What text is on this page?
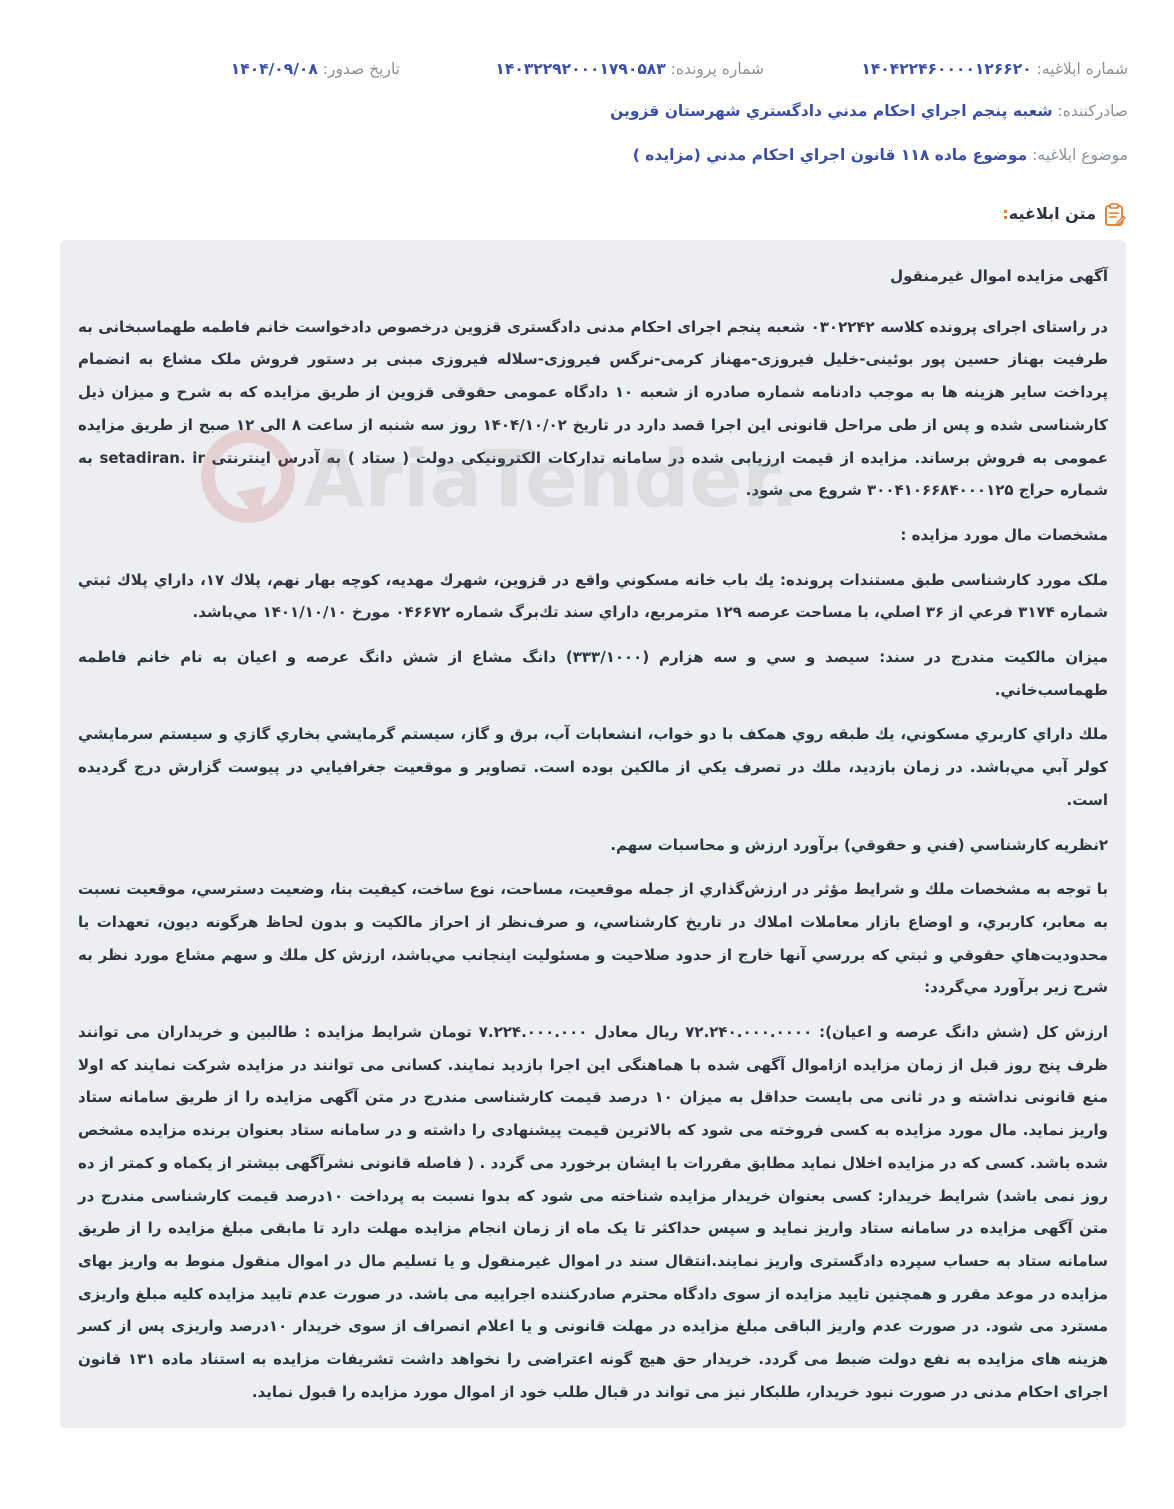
شماره ابلاغيه: ۱۴۰۴۲۲۴۶۰۰۰۰۱۲۶۶۲۰
شماره پرونده: ۱۴۰۳۲۲۹۲۰۰۰۱۷۹۰۵۸۳
تاريخ صدور: ۱۴۰۴/۰۹/۰۸
صادرکننده: شعبه پنجم اجراي احکام مدني دادگستري شهرستان قزوين
موضوع ابلاغيه: موضوع ماده ۱۱۸ قانون اجراي احکام مدني (مزايده )
متن ابلاغيه:

آگهی مزایده اموال غیرمنقول

در راستای اجرای پرونده کلاسه ۰۳۰۲۲۴۲ شعبه پنجم اجرای احکام مدنی دادگستری قزوین درخصوص دادخواست خانم فاطمه طهماسبخانی به طرفیت بهناز حسین پور بوئینی-خلیل فیروزی-مهناز کرمی-نرگس فیروزی-سلاله فیروزی مبنی بر دستور فروش ملک مشاع به انضمام پرداخت سایر هزینه ها به موجب دادنامه شماره صادره از شعبه ۱۰ دادگاه عمومی حقوقی قزوین از طریق مزایده که به شرح و میزان ذیل کارشناسی شده و پس از طی مراحل قانونی این اجرا قصد دارد در تاریخ ۱۴۰۴/۱۰/۰۲ روز سه شنبه از ساعت ۸ الی ۱۲ صبح از طریق مزایده عمومی به فروش برساند. مزایده از قیمت ارزیابی شده در سامانه تدارکات الکترونیکی دولت ( ستاد ) به آدرس اینترنتی setadiran. ir به شماره حراج ۳۰۰۴۱۰۶۶۸۴۰۰۰۱۲۵ شروع می شود.

مشخصات مال مورد مزایده :

ملک مورد کارشناسی طبق مستندات پرونده: يك باب خانه مسكوني واقع در قزوين، شهرك مهديه، كوچه بهار نهم، پلاك ۱۷، داراي پلاك ثبتي شماره ۳۱۷۴ فرعي از ۳۶ اصلي، با مساحت عرصه ۱۲۹ مترمربع، داراي سند تك‌برگ شماره ۰۴۶۶۷۲ مورخ ۱۴۰۱/۱۰/۱۰ مي‌باشد.

ميزان مالكيت مندرج در سند: سيصد و سي و سه هزارم (۳۳۳/۱۰۰۰) دانگ مشاع از شش دانگ عرصه و اعيان به نام خانم فاطمه طهماسب‌خاني.

ملك داراي كاربري مسكوني، يك طبقه روي همكف با دو خواب، انشعابات آب، برق و گاز، سيستم گرمايشي بخاري گازي و سيستم سرمايشي كولر آبي مي‌باشد. در زمان بازديد، ملك در تصرف يكي از مالكين بوده است. تصاوير و موقعيت جغرافيايي در پيوست گزارش درج گرديده است.

۲نظريه كارشناسي (فني و حقوقي) برآورد ارزش و محاسبات سهم.

با توجه به مشخصات ملك و شرايط مؤثر در ارزش‌گذاري از جمله موقعيت، مساحت، نوع ساخت، كيفيت بنا، وضعيت دسترسي، موقعيت نسبت به معابر، كاربري، و اوضاع بازار معاملات املاك در تاريخ كارشناسي، و صرف‌نظر از احراز مالكيت و بدون لحاظ هرگونه ديون، تعهدات يا محدوديت‌هاي حقوقي و ثبتي كه بررسي آنها خارج از حدود صلاحيت و مسئوليت اينجانب مي‌باشد، ارزش كل ملك و سهم مشاع مورد نظر به شرح زير برآورد مي‌گردد:

ارزش كل (شش دانگ عرصه و اعيان): ۷۲.۲۴۰.۰۰۰.۰۰۰۰ ريال معادل ۷.۲۲۴.۰۰۰.۰۰۰ تومان شرایط مزایده : طالبین و خریداران می توانند ظرف پنج روز قبل از زمان مزایده ازاموال آگهی شده با هماهنگی این اجرا بازدید نمایند. کسانی می توانند در مزایده شرکت نمایند که اولا منع قانونی نداشته و در ثانی می بایست حداقل به میزان ۱۰ درصد قیمت کارشناسی مندرج در متن آگهی مزایده را از طریق سامانه ستاد واریز نماید. مال مورد مزایده به کسی فروخته می شود که بالاترین قیمت پیشنهادی را داشته و در سامانه ستاد بعنوان برنده مزایده مشخص شده باشد. کسی که در مزایده اخلال نماید مطابق مقررات با ایشان برخورد می گردد . ( فاصله قانونی نشرآگهی بیشتر از یکماه و کمتر از ده روز نمی باشد) شرایط خریدار: کسی بعنوان خریدار مزایده شناخته می شود که بدوا نسبت به پرداخت ۱۰درصد قیمت کارشناسی مندرج در متن آگهی مزایده در سامانه ستاد واریز نماید و سپس حداکثر تا یک ماه از زمان انجام مزایده مهلت دارد تا مابقی مبلغ مزایده را از طریق سامانه ستاد به حساب سپرده دادگستری واریز نمایند.انتقال سند در اموال غیرمنقول و یا تسلیم مال در اموال منقول منوط به واریز بهای مزایده در موعد مقرر و همچنین تایید مزایده از سوی دادگاه محترم صادرکننده اجراییه می باشد. در صورت عدم تایید مزایده کلیه مبلغ واریزی مسترد می شود. در صورت عدم واریز الباقی مبلغ مزایده در مهلت قانونی و یا اعلام انصراف از سوی خریدار ۱۰درصد واریزی پس از کسر هزینه های مزایده به نفع دولت ضبط می گردد. خریدار حق هیچ گونه اعتراضی را نخواهد داشت تشریفات مزایده به استناد ماده ۱۳۱ قانون اجرای احکام مدنی در صورت نبود خریدار، طلبکار نیز می تواند در قبال طلب خود از اموال مورد مزایده را قبول نماید.
